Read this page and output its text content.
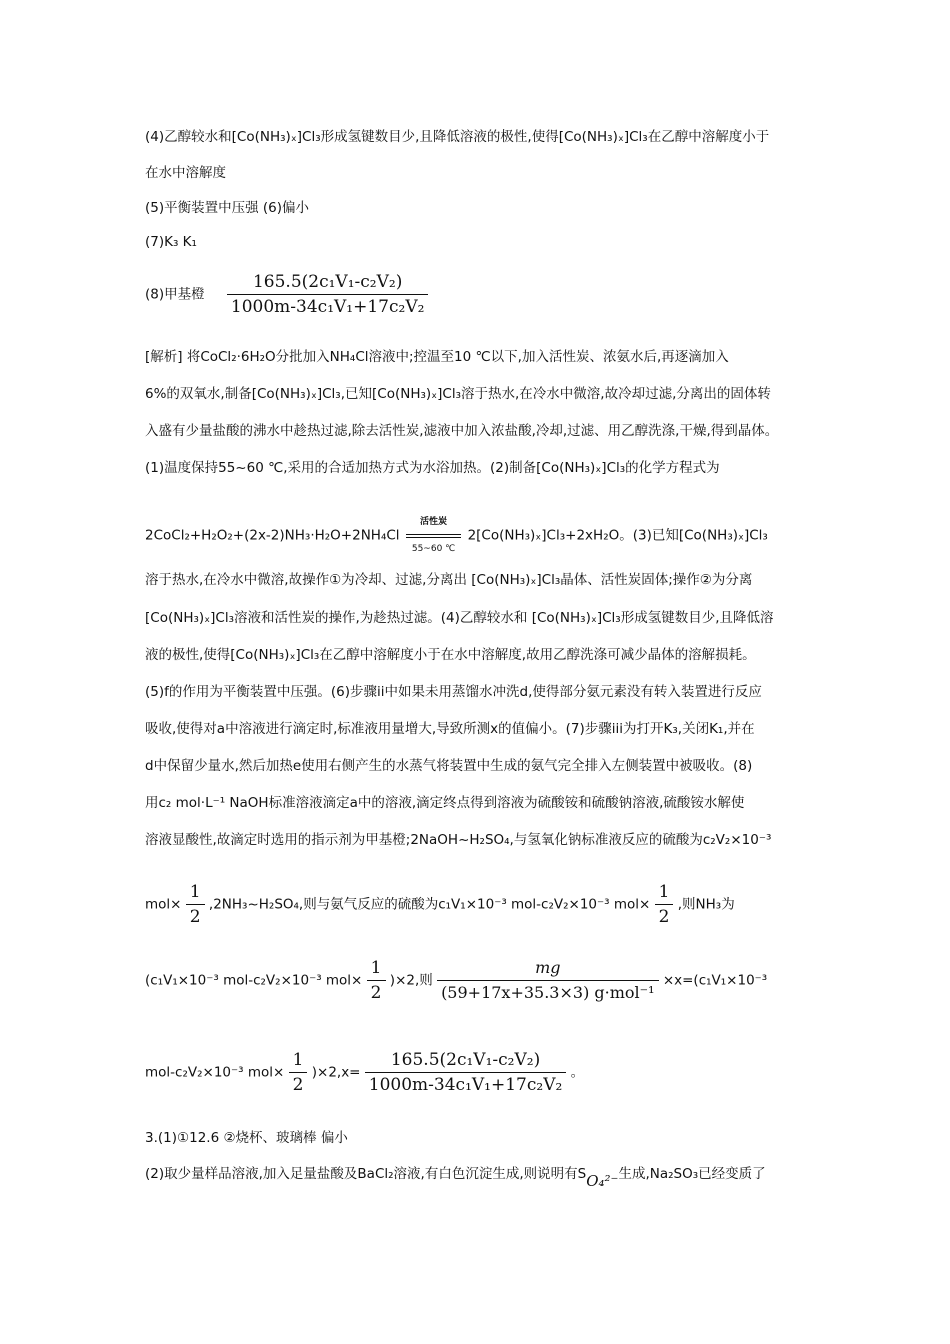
(4)乙醇较水和[Co(NH₃)ₓ]Cl₃形成氢键数目少,且降低溶液的极性,使得[Co(NH₃)ₓ]Cl₃在乙醇中溶解度小于
在水中溶解度
(5)平衡装置中压强 (6)偏小
(7)K₃ K₁
(8)甲基橙 $\frac{\text{165.5(2c₁V₁-c₂V₂)}}{\text{1000m-34c₁V₁+17c₂V₂}}$
[解析] 将CoCl₂·6H₂O分批加入NH₄Cl溶液中;控温至10 ℃以下,加入活性炭、浓氨水后,再逐滴加入
6%的双氧水,制备[Co(NH₃)ₓ]Cl₃,已知[Co(NH₃)ₓ]Cl₃溶于热水,在冷水中微溶,故冷却过滤,分离出的固体转
入盛有少量盐酸的沸水中趁热过滤,除去活性炭,滤液中加入浓盐酸,冷却,过滤、用乙醇洗涤,干燥,得到晶体。
(1)温度保持55~60 ℃,采用的合适加热方式为水浴加热。(2)制备[Co(NH₃)ₓ]Cl₃的化学方程式为
2CoCl₂+H₂O₂+(2x-2)NH₃·H₂O+2NH₄Cl
活性炭
55~60 ℃
2[Co(NH₃)ₓ]Cl₃+2xH₂O。(3)已知[Co(NH₃)ₓ]Cl₃
溶于热水,在冷水中微溶,故操作①为冷却、过滤,分离出 [Co(NH₃)ₓ]Cl₃晶体、活性炭固体;操作②为分离
[Co(NH₃)ₓ]Cl₃溶液和活性炭的操作,为趁热过滤。(4)乙醇较水和 [Co(NH₃)ₓ]Cl₃形成氢键数目少,且降低溶
液的极性,使得[Co(NH₃)ₓ]Cl₃在乙醇中溶解度小于在水中溶解度,故用乙醇洗涤可减少晶体的溶解损耗。
(5)f的作用为平衡装置中压强。(6)步骤ii中如果未用蒸馏水冲洗d,使得部分氨元素没有转入装置进行反应
吸收,使得对a中溶液进行滴定时,标准液用量增大,导致所测x的值偏小。(7)步骤iii为打开K₃,关闭K₁,并在
d中保留少量水,然后加热e使用右侧产生的水蒸气将装置中生成的氨气完全排入左侧装置中被吸收。(8)
用c₂ mol·L⁻¹ NaOH标准溶液滴定a中的溶液,滴定终点得到溶液为硫酸铵和硫酸钠溶液,硫酸铵水解使
溶液显酸性,故滴定时选用的指示剂为甲基橙;2NaOH~H₂SO₄,与氢氧化钠标准液反应的硫酸为c₂V₂×10⁻³
$mol\times \frac{1}{2}$ ,2NH₃~H₂SO₄,则与氨气反应的硫酸为c₁V₁×10⁻³ mol-c₂V₂×10⁻³ $mol\times \frac{1}{2}$ ,则NH₃为
(c₁V₁×10⁻³ mol-c₂V₂×10⁻³ $mol\times \frac{1}{2} )\times 2$,则 $\frac{mg}{\text{(59+17x+35.3×3) g·mol⁻¹}} \times x=(c_1V_1\times 10^{-3}$
mol-c₂V₂×10⁻³ $mol\times \frac{1}{2} )\times 2,x= \frac{\text{165.5(2c₁V₁-c₂V₂)}}{\text{1000m-34c₁V₁+17c₂V₂}}$ 。
3.(1)①12.6 ②烧杯、玻璃棒 偏小
(2)取少量样品溶液,加入足量盐酸及BaCl₂溶液,有白色沉淀生成,则说明有SO₄²⁻生成,Na₂SO₃已经变质了
